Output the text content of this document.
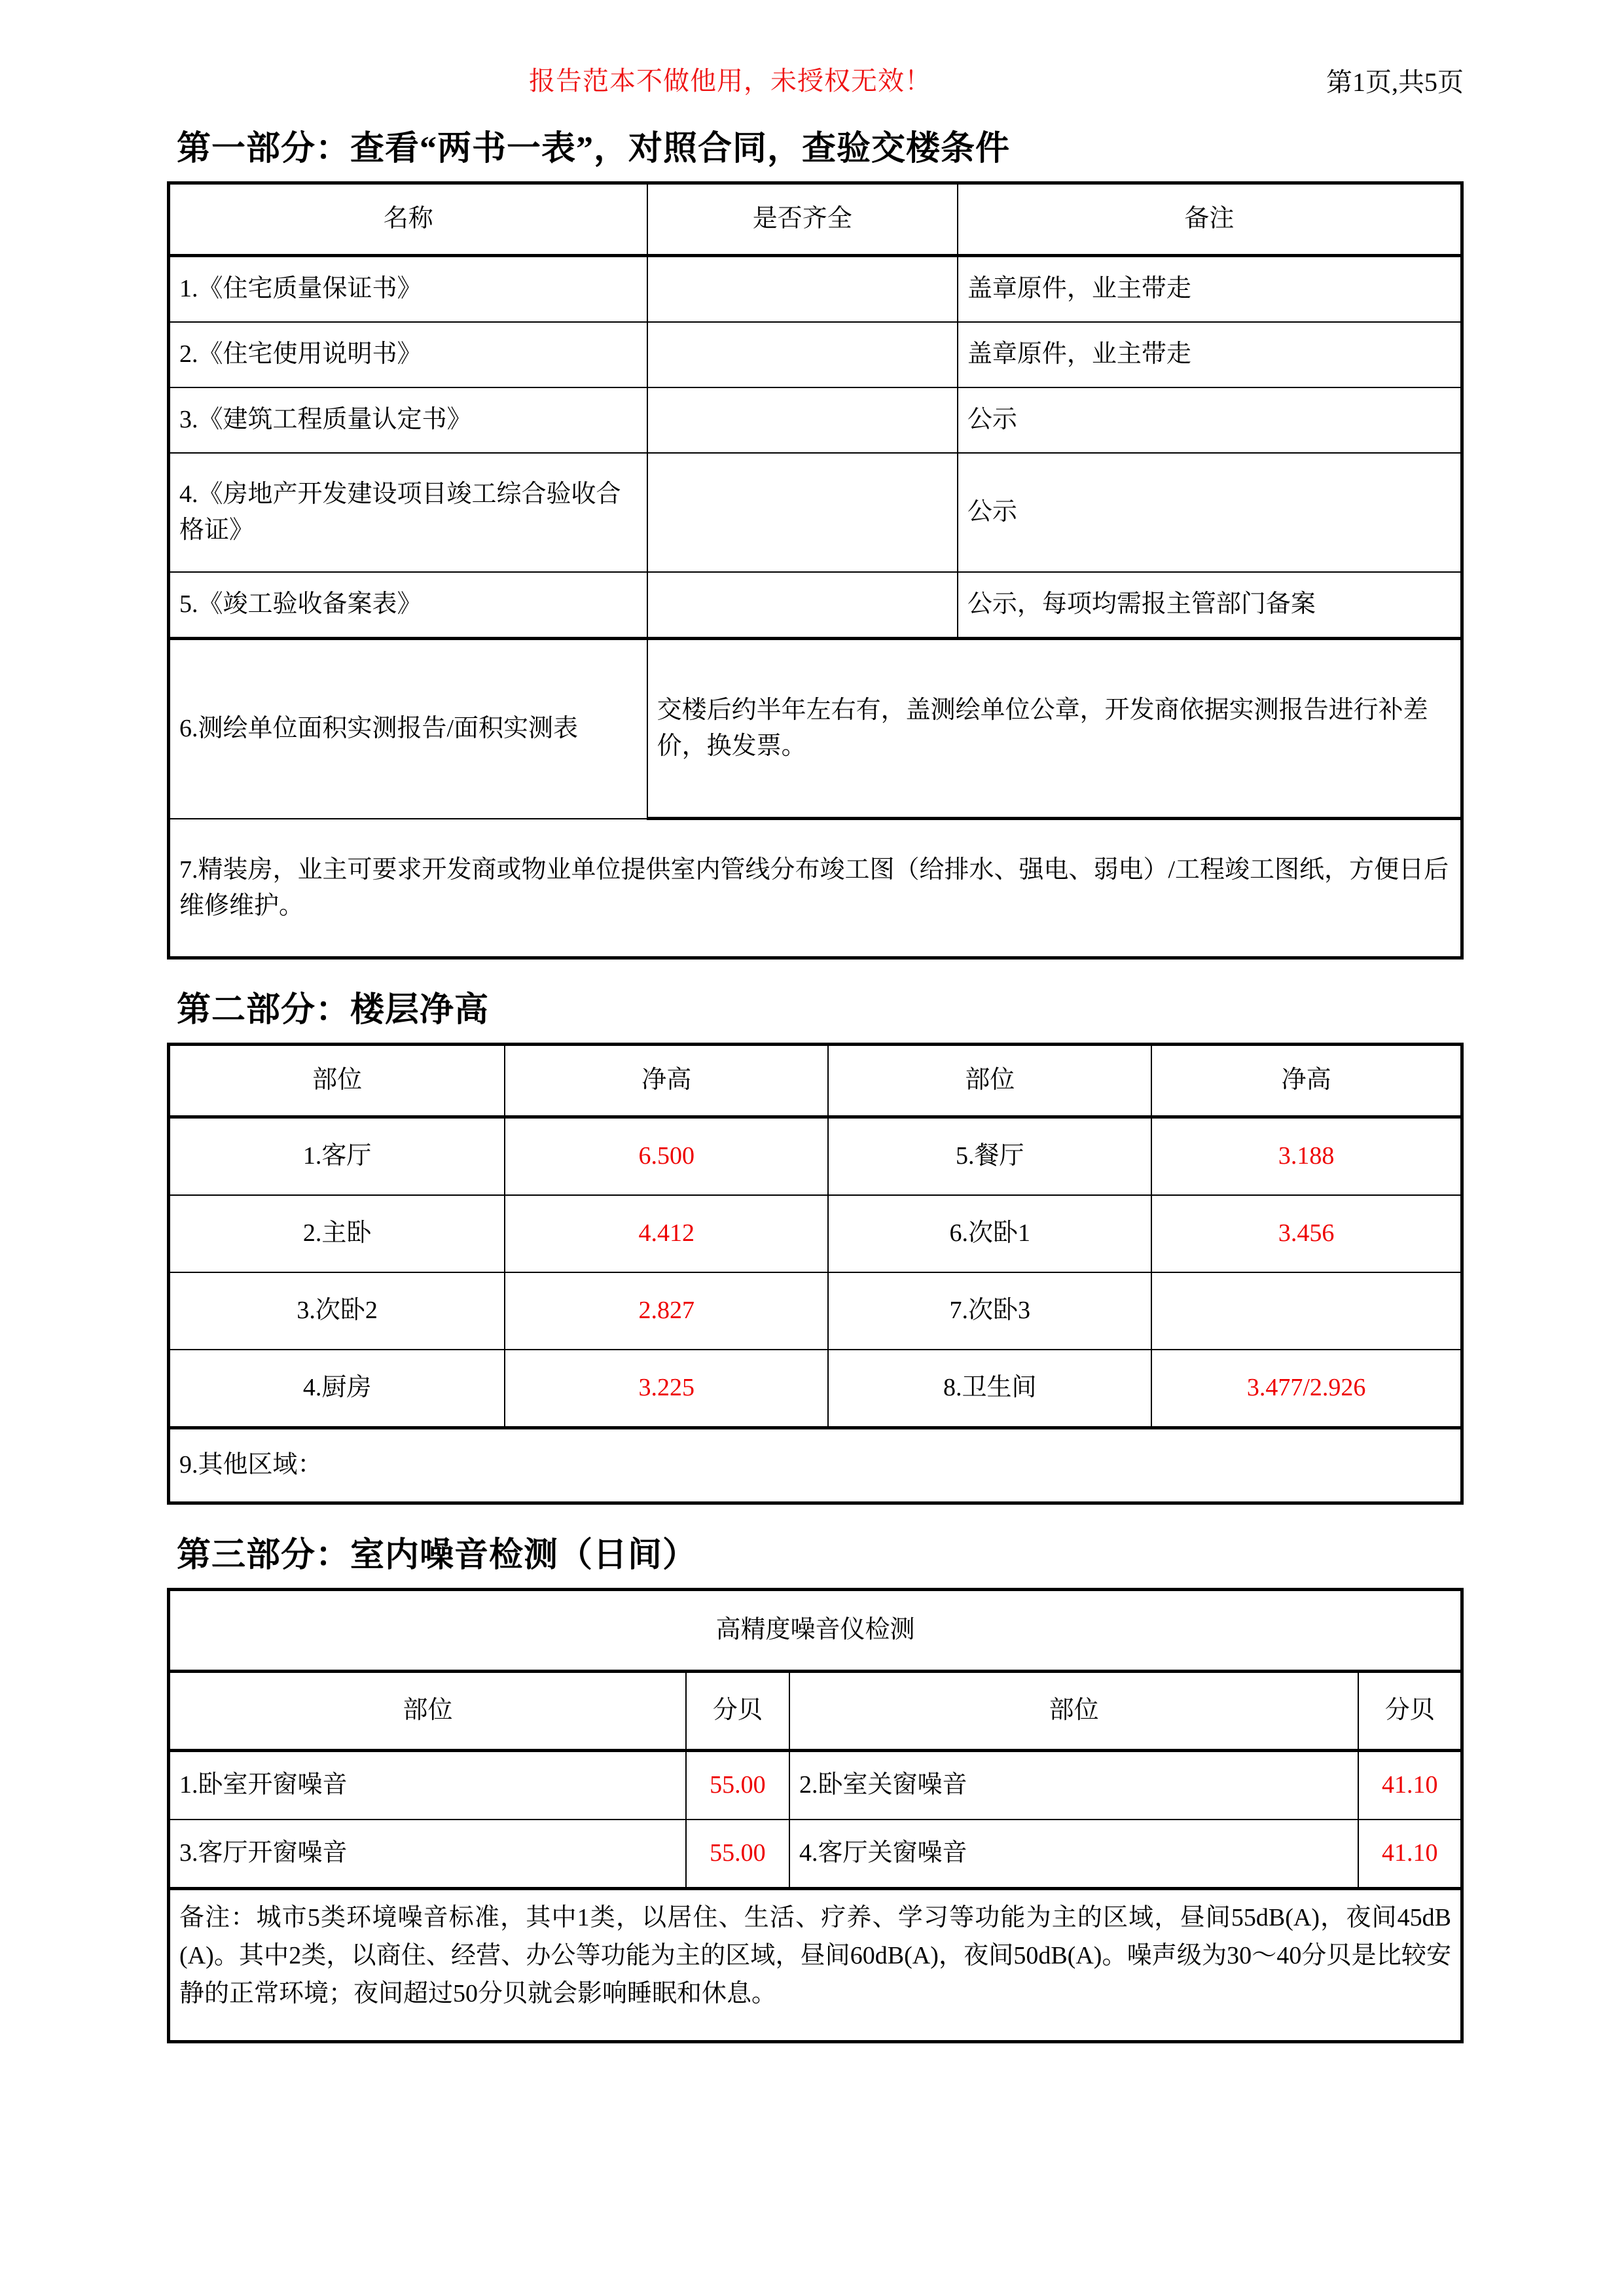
报告范本不做他用，未授权无效！	第1页,共5页
第一部分：查看“两书一表”，对照合同，查验交楼条件
名称	是否齐全	备注
1.《住宅质量保证书》		盖章原件，业主带走
2.《住宅使用说明书》		盖章原件，业主带走
3.《建筑工程质量认定书》		公示
4.《房地产开发建设项目竣工综合验收合格证》		公示
5.《竣工验收备案表》		公示，每项均需报主管部门备案
6.测绘单位面积实测报告/面积实测表	交楼后约半年左右有，盖测绘单位公章，开发商依据实测报告进行补差价，换发票。	
7.精装房，业主可要求开发商或物业单位提供室内管线分布竣工图（给排水、强电、弱电）/工程竣工图纸，方便日后维修维护。		
第二部分：楼层净高
部位	净高	部位	净高
1.客厅	6.500	5.餐厅	3.188
2.主卧	4.412	6.次卧1	3.456
3.次卧2	2.827	7.次卧3	
4.厨房	3.225	8.卫生间	3.477/2.926
9.其他区域：			
第三部分：室内噪音检测（日间）
高精度噪音仪检测			
部位	分贝	部位	分贝
1.卧室开窗噪音	55.00	2.卧室关窗噪音	41.10
3.客厅开窗噪音	55.00	4.客厅关窗噪音	41.10

备注：城市5类环境噪音标准，其中1类，以居住、生活、疗养、学习等功能为主的区域，昼间55dB(A)，夜间45dB(A)。其中2类，以商住、经营、办公等功能为主的区域，昼间60dB(A)，夜间50dB(A)。噪声级为30～40分贝是比较安静的正常环境；夜间超过50分贝就会影响睡眠和休息。			
